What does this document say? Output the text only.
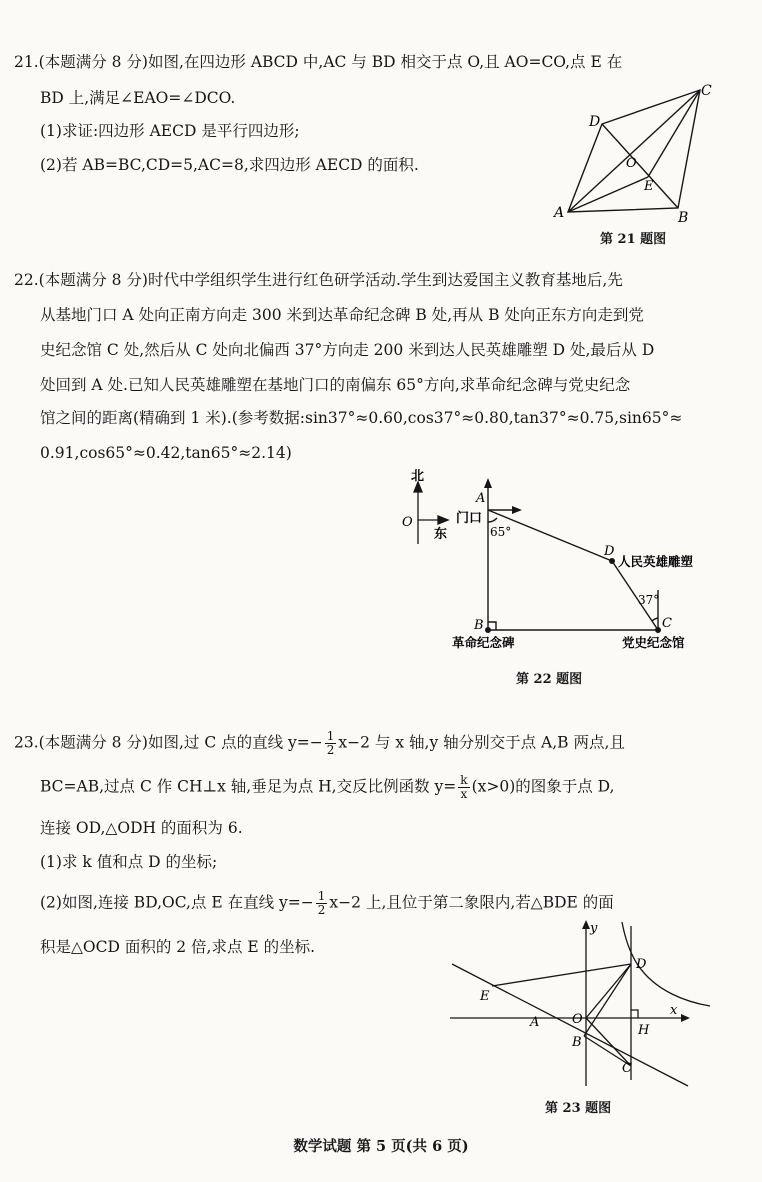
21.(本题满分 8 分)如图,在四边形 ABCD 中,AC 与 BD 相交于点 O,且 AO=CO,点 E 在
BD 上,满足∠EAO=∠DCO.
(1)求证:四边形 AECD 是平行四边形;
(2)若 AB=BC,CD=5,AC=8,求四边形 AECD 的面积.
A	B
C
D
O
E
第 21 题图
22.(本题满分 8 分)时代中学组织学生进行红色研学活动.学生到达爱国主义教育基地后,先
从基地门口 A 处向正南方向走 300 米到达革命纪念碑 B 处,再从 B 处向正东方向走到党
史纪念馆 C 处,然后从 C 处向北偏西 37°方向走 200 米到达人民英雄雕塑 D 处,最后从 D
处回到 A 处.已知人民英雄雕塑在基地门口的南偏东 65°方向,求革命纪念碑与党史纪念
馆之间的距离(精确到 1 米).(参考数据:sin37°≈0.60,cos37°≈0.80,tan37°≈0.75,sin65°≈
0.91,cos65°≈0.42,tan65°≈2.14)
北
O
东
A
门口
65°
D
人民英雄雕塑
37°
C
党史纪念馆
B
革命纪念碑
第 22 题图
23.(本题满分 8 分)如图,过 C 点的直线 $y=- \frac{1}{2} x-2$ 与 x 轴,y 轴分别交于点 A,B 两点,且
BC=AB,过点 C 作 CH⊥x 轴,垂足为点 H,交反比例函数 $y= \frac{k}{x} (x>0)$的图象于点 D,
连接 OD,△ODH 的面积为 6.
(1)求 k 值和点 D 的坐标;
(2)如图,连接 BD,OC,点 E 在直线 $y=- \frac{1}{2} x-2$ 上,且位于第二象限内,若△BDE 的面
积是△OCD 面积的 2 倍,求点 E 的坐标.
y
x
D
E
A	O
H
B
C
第 23 题图
数学试题 第 5 页(共 6 页)
